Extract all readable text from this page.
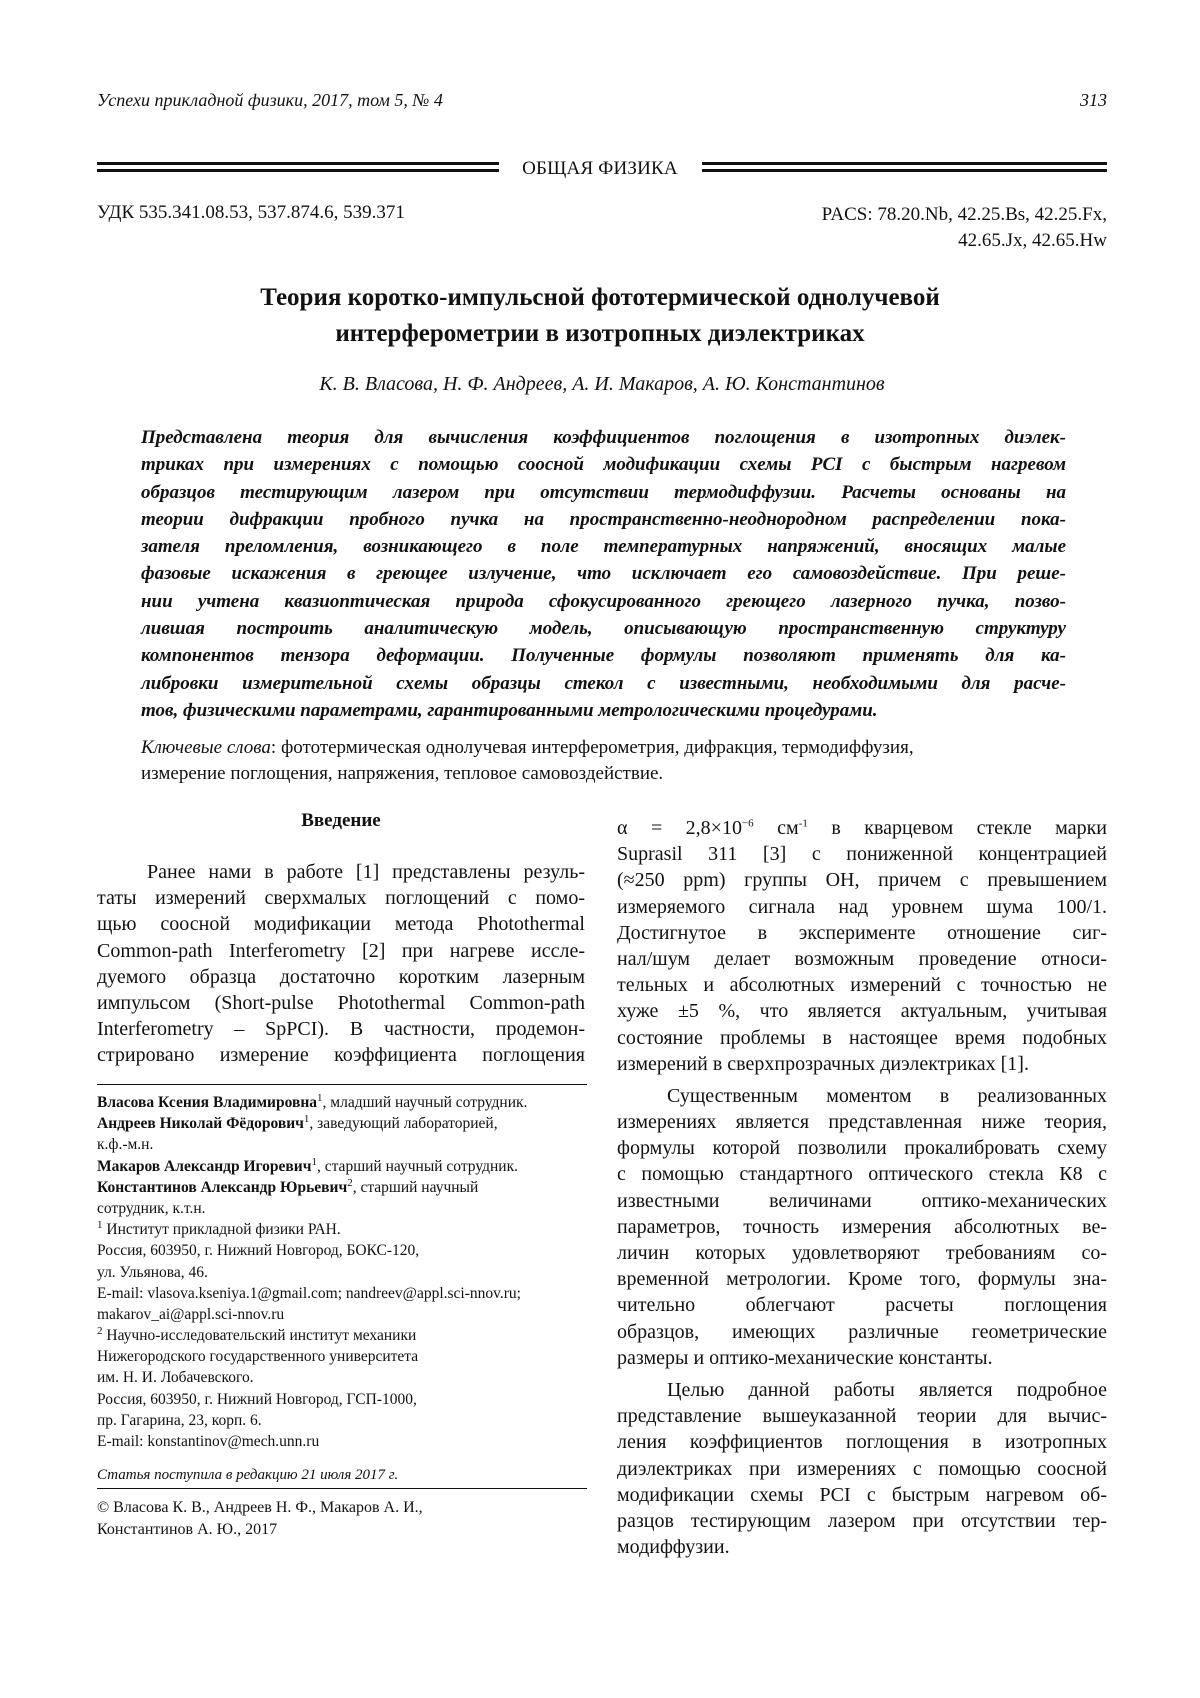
Успехи прикладной физики, 2017, том 5, № 4	313
ОБЩАЯ ФИЗИКА
УДК 535.341.08.53, 537.874.6, 539.371	PACS: 78.20.Nb, 42.25.Bs, 42.25.Fx,
42.65.Jx, 42.65.Hw
Теория коротко-импульсной фототермической однолучевой
интерферометрии в изотропных диэлектриках
К. В. Власова, Н. Ф. Андреев, А. И. Макаров, А. Ю. Константинов
Представлена теория для вычисления коэффициентов поглощения в изотропных диэлек-
триках при измерениях с помощью соосной модификации схемы PCI с быстрым нагревом
образцов тестирующим лазером при отсутствии термодиффузии. Расчеты основаны на
теории дифракции пробного пучка на пространственно-неоднородном распределении пока-
зателя преломления, возникающего в поле температурных напряжений, вносящих малые
фазовые искажения в греющее излучение, что исключает его самовоздействие. При реше-
нии учтена квазиоптическая природа сфокусированного греющего лазерного пучка, позво-
лившая построить аналитическую модель, описывающую пространственную структуру
компонентов тензора деформации. Полученные формулы позволяют применять для ка-
либровки измерительной схемы образцы стекол с известными, необходимыми для расче-
тов, физическими параметрами, гарантированными метрологическими процедурами.
Ключевые слова: фототермическая однолучевая интерферометрия, дифракция, термодиффузия,
измерение поглощения, напряжения, тепловое самовоздействие.
Введение
Ранее нами в работе [1] представлены резуль-
таты измерений сверхмалых поглощений с помо-
щью соосной модификации метода Photothermal
Common-path Interferometry [2] при нагреве иссле-
дуемого образца достаточно коротким лазерным
импульсом (Short-pulse Photothermal Common-path
Interferometry – SpPCI). В частности, продемон-
стрировано измерение коэффициента поглощения
Власова Ксения Владимировна$^1$, младший научный сотрудник.
Андреев Николай Фёдорович$^1$, заведующий лабораторией,
к.ф.-м.н.
Макаров Александр Игоревич$^1$, старший научный сотрудник.
Константинов Александр Юрьевич$^2$, старший научный
сотрудник, к.т.н.
$^1$ Институт прикладной физики РАН.
Россия, 603950, г. Нижний Новгород, БОКС-120,
ул. Ульянова, 46.
E-mail: vlasova.kseniya.1@gmail.com; nandreev@appl.sci-nnov.ru;
makarov_ai@appl.sci-nnov.ru
$^2$ Научно-исследовательский институт механики
Нижегородского государственного университета
им. Н. И. Лобачевского.
Россия, 603950, г. Нижний Новгород, ГСП-1000,
пр. Гагарина, 23, корп. 6.
E-mail: konstantinov@mech.unn.ru
Статья поступила в редакцию 21 июля 2017 г.
© Власова К. В., Андреев Н. Ф., Макаров А. И.,
Константинов А. Ю., 2017
$\alpha = 2,8\times 10^{-6}$ $см^{-1}$ в кварцевом стекле марки
Suprasil 311 [3] с пониженной концентрацией
(≈250 ppm) группы OH, причем с превышением
измеряемого сигнала над уровнем шума 100/1.
Достигнутое в эксперименте отношение сиг-
нал/шум делает возможным проведение относи-
тельных и абсолютных измерений с точностью не
хуже ±5 %, что является актуальным, учитывая
состояние проблемы в настоящее время подобных
измерений в сверхпрозрачных диэлектриках [1].
Существенным моментом в реализованных
измерениях является представленная ниже теория,
формулы которой позволили прокалибровать схему
с помощью стандартного оптического стекла К8 с
известными величинами оптико-механических
параметров, точность измерения абсолютных ве-
личин которых удовлетворяют требованиям со-
временной метрологии. Кроме того, формулы зна-
чительно облегчают расчеты поглощения
образцов, имеющих различные геометрические
размеры и оптико-механические константы.
Целью данной работы является подробное
представление вышеуказанной теории для вычис-
ления коэффициентов поглощения в изотропных
диэлектриках при измерениях с помощью соосной
модификации схемы PCI с быстрым нагревом об-
разцов тестирующим лазером при отсутствии тер-
модиффузии.
